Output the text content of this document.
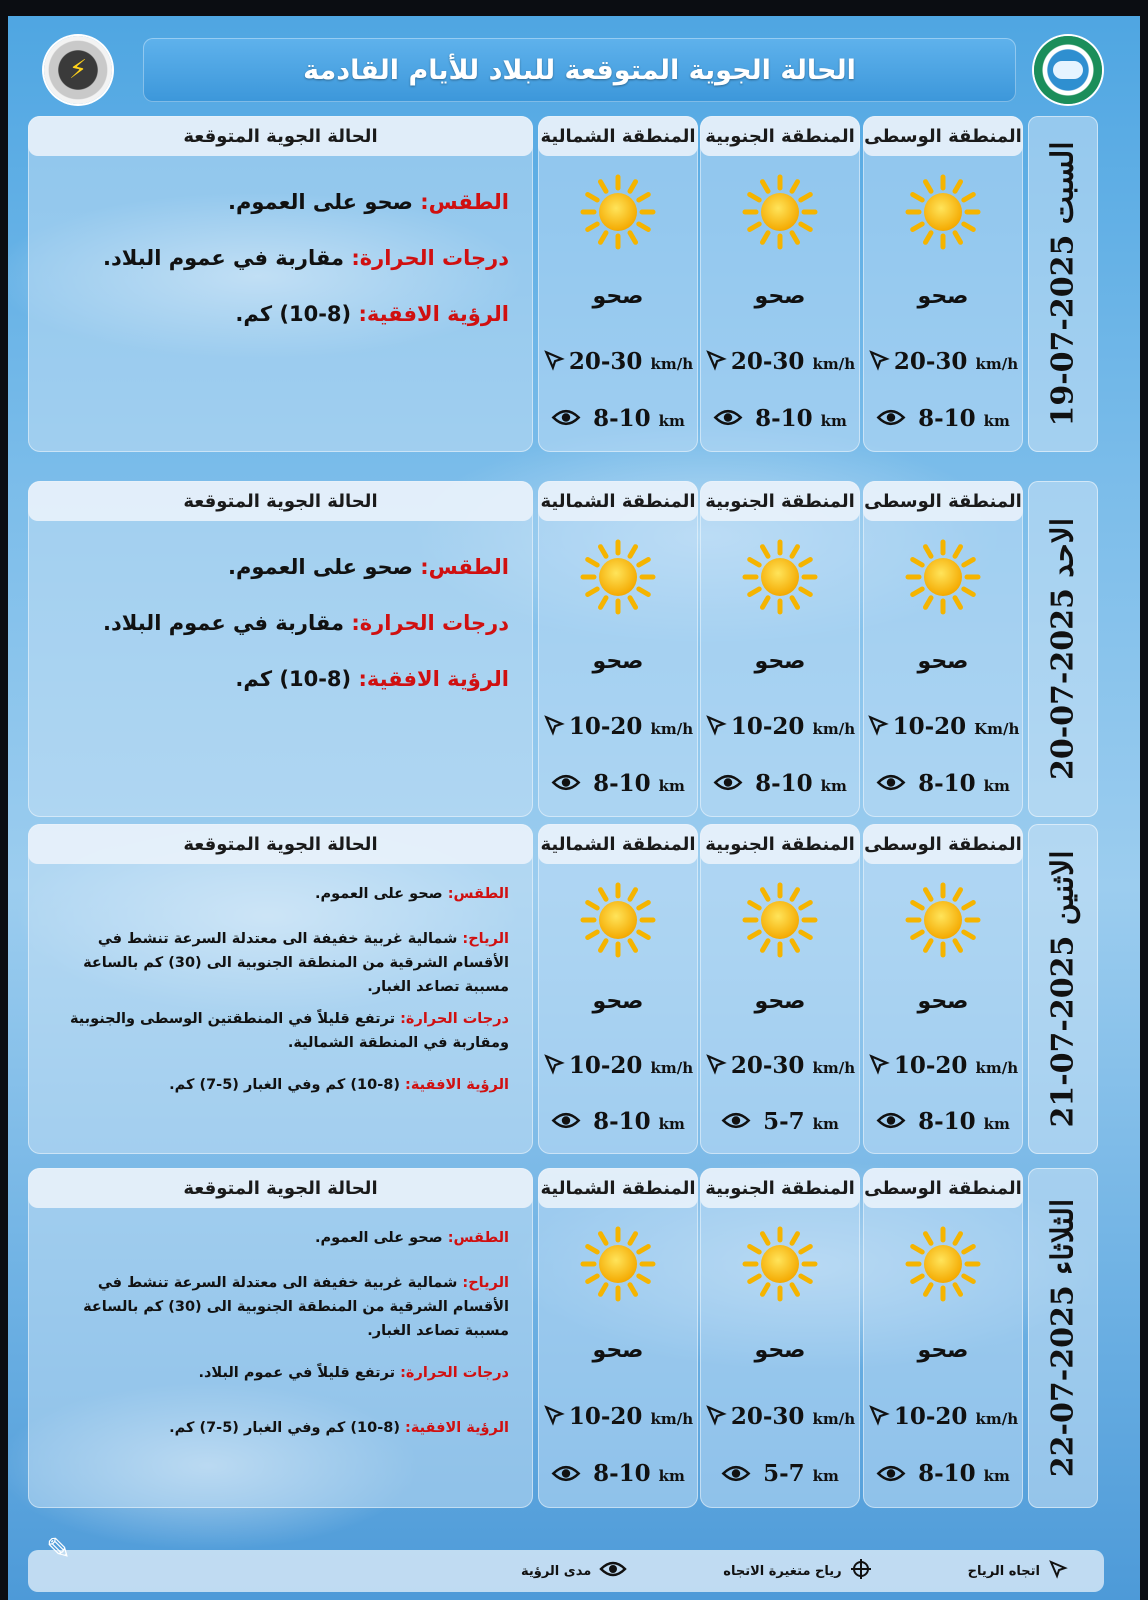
⚡	الحالة الجوية المتوقعة للبلاد للأيام القادمة
السبت 2025-07-19
المنطقة الوسطى
صحو
20-30 km/h
8-10 km
المنطقة الجنوبية
صحو
20-30 km/h
8-10 km
المنطقة الشمالية
صحو
20-30 km/h
8-10 km
الحالة الجوية المتوقعة

الطقس: صحو على العموم.

درجات الحرارة: مقاربة في عموم البلاد.

الرؤية الافقية: (8-10) كم.

الاحد 2025-07-20
المنطقة الوسطى
صحو
10-20 Km/h
8-10 km
المنطقة الجنوبية
صحو
10-20 km/h
8-10 km
المنطقة الشمالية
صحو
10-20 km/h
8-10 km
الحالة الجوية المتوقعة

الطقس: صحو على العموم.

درجات الحرارة: مقاربة في عموم البلاد.

الرؤية الافقية: (8-10) كم.

الاثنين 2025-07-21
المنطقة الوسطى
صحو
10-20 km/h
8-10 km
المنطقة الجنوبية
صحو
20-30 km/h
5-7 km
المنطقة الشمالية
صحو
10-20 km/h
8-10 km
الحالة الجوية المتوقعة

الطقس: صحو على العموم.

الرياح: شمالية غربية خفيفة الى معتدلة السرعة تنشط في الأقسام الشرقية من المنطقة الجنوبية الى (30) كم بالساعة مسببة تصاعد الغبار.

درجات الحرارة: ترتفع قليلاً في المنطقتين الوسطى والجنوبية ومقاربة في المنطقة الشمالية.

الرؤية الافقية: (8-10) كم وفي الغبار (5-7) كم.

الثلاثاء 2025-07-22
المنطقة الوسطى
صحو
10-20 km/h
8-10 km
المنطقة الجنوبية
صحو
20-30 km/h
5-7 km
المنطقة الشمالية
صحو
10-20 km/h
8-10 km
الحالة الجوية المتوقعة

الطقس: صحو على العموم.

الرياح: شمالية غربية خفيفة الى معتدلة السرعة تنشط في الأقسام الشرقية من المنطقة الجنوبية الى (30) كم بالساعة مسببة تصاعد الغبار.

درجات الحرارة: ترتفع قليلاً في عموم البلاد.

الرؤية الافقية: (8-10) كم وفي الغبار (5-7) كم.

اتجاه الرياح
رياح متغيرة الاتجاه
مدى الرؤية
✎
